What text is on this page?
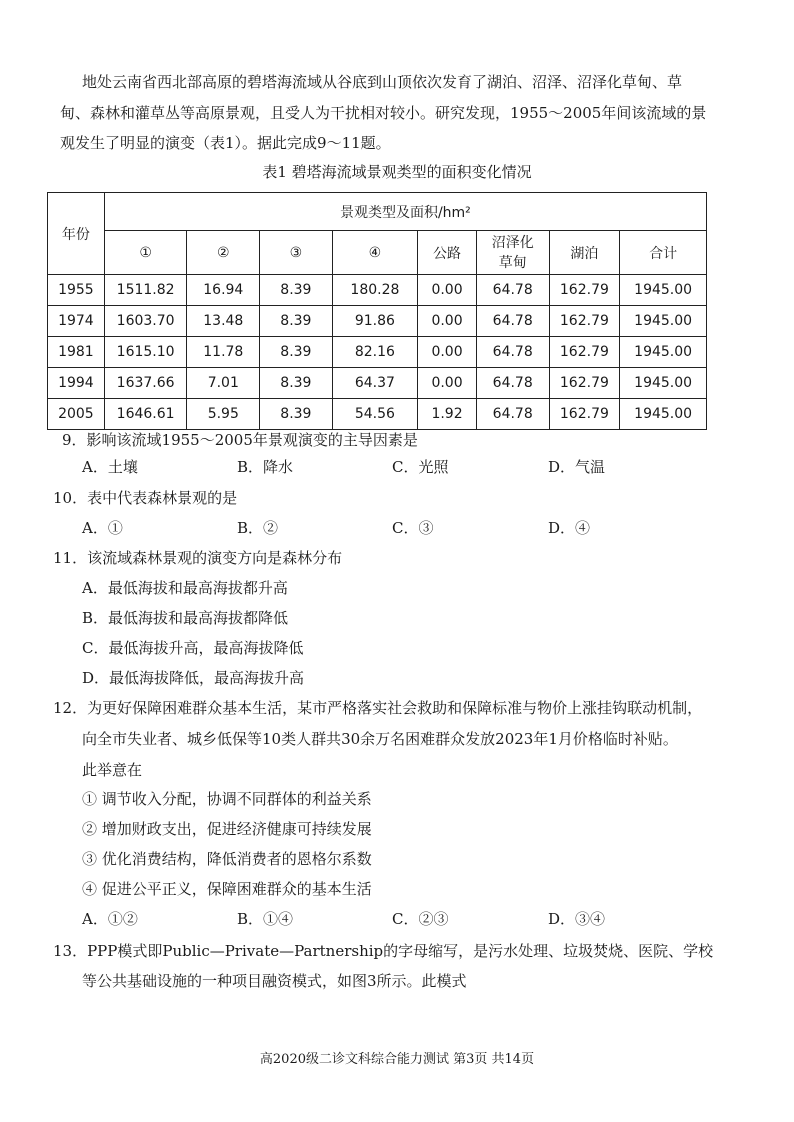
地处云南省西北部高原的碧塔海流域从谷底到山顶依次发育了湖泊、沼泽、沼泽化草甸、草
甸、森林和灌草丛等高原景观，且受人为干扰相对较小。研究发现，1955～2005年间该流域的景
观发生了明显的演变（表1）。据此完成9～11题。
表1 碧塔海流域景观类型的面积变化情况
年份	景观类型及面积/hm²							
	①	②	③	④	公路	沼泽化
草甸	湖泊	合计
1955	1511.82	16.94	8.39	180.28	0.00	64.78	162.79	1945.00
1974	1603.70	13.48	8.39	91.86	0.00	64.78	162.79	1945.00
1981	1615.10	11.78	8.39	82.16	0.00	64.78	162.79	1945.00
1994	1637.66	7.01	8.39	64.37	0.00	64.78	162.79	1945.00
2005	1646.61	5.95	8.39	54.56	1.92	64.78	162.79	1945.00
9．影响该流域1955～2005年景观演变的主导因素是
A．土壤	B．降水	C．光照	D．气温
10．表中代表森林景观的是
A．①	B．②	C．③	D．④
11．该流域森林景观的演变方向是森林分布
A．最低海拔和最高海拔都升高
B．最低海拔和最高海拔都降低
C．最低海拔升高，最高海拔降低
D．最低海拔降低，最高海拔升高
12．为更好保障困难群众基本生活，某市严格落实社会救助和保障标准与物价上涨挂钩联动机制，
向全市失业者、城乡低保等10类人群共30余万名困难群众发放2023年1月价格临时补贴。
此举意在
① 调节收入分配，协调不同群体的利益关系
② 增加财政支出，促进经济健康可持续发展
③ 优化消费结构，降低消费者的恩格尔系数
④ 促进公平正义，保障困难群众的基本生活
A．①②	B．①④	C．②③	D．③④
13．PPP模式即Public—Private—Partnership的字母缩写，是污水处理、垃圾焚烧、医院、学校
等公共基础设施的一种项目融资模式，如图3所示。此模式
高2020级二诊文科综合能力测试 第3页 共14页
